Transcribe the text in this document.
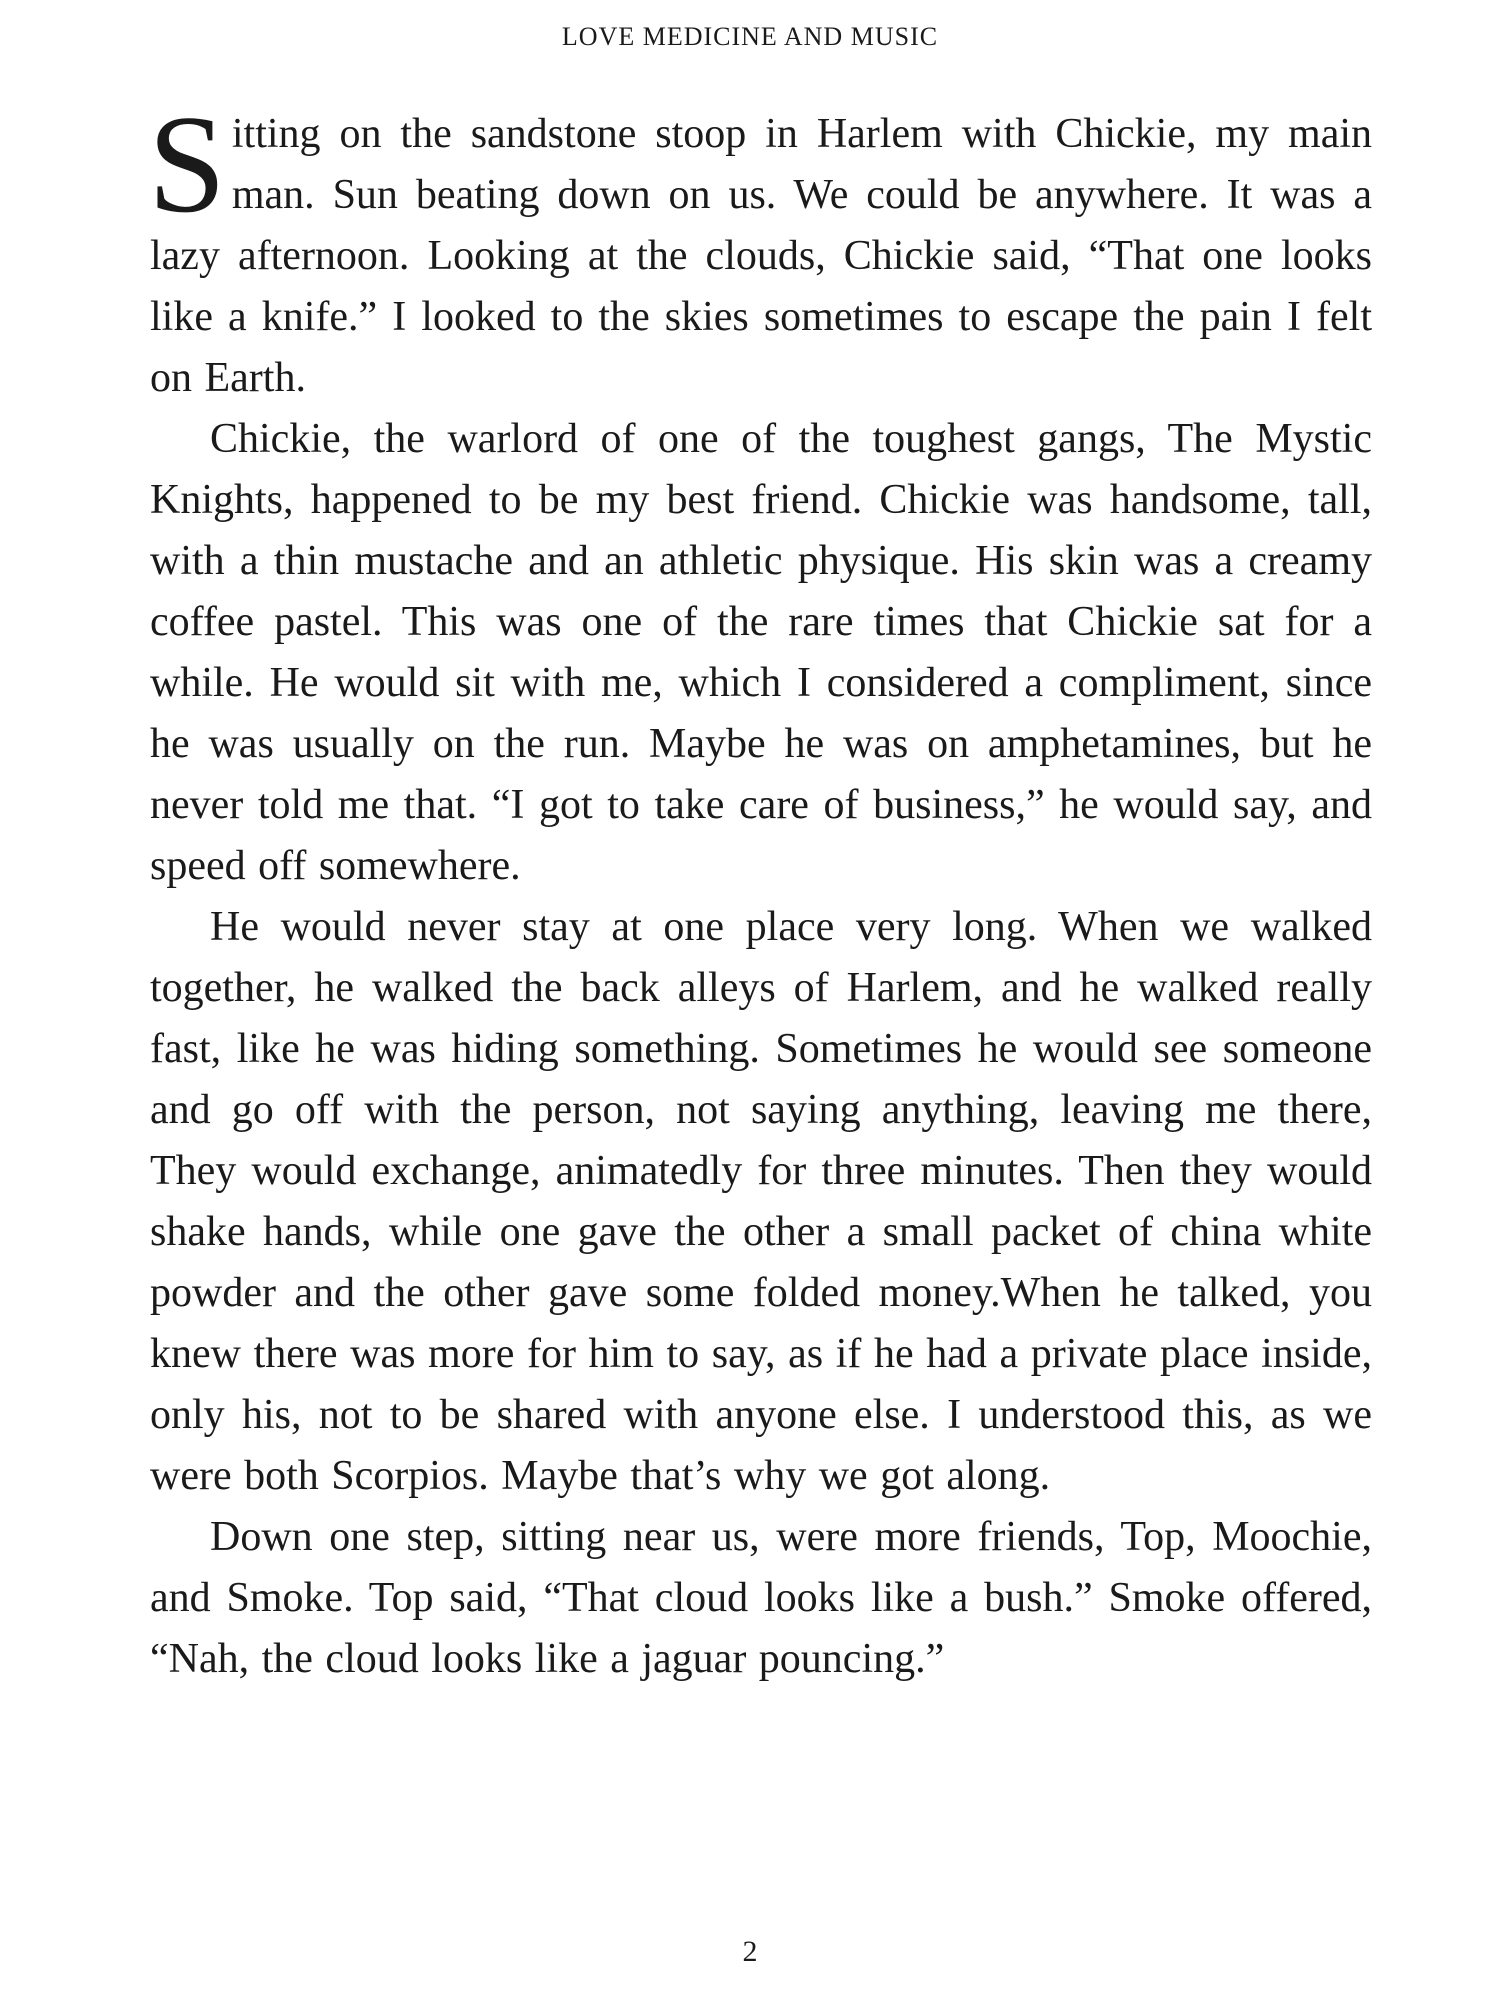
LOVE MEDICINE AND MUSIC

Sitting on the sandstone stoop in Harlem with Chickie, my main man. Sun beating down on us. We could be anywhere. It was a lazy afternoon. Looking at the clouds, Chickie said, “That one looks like a knife.” I looked to the skies sometimes to escape the pain I felt on Earth.

Chickie, the warlord of one of the toughest gangs, The Mystic Knights, happened to be my best friend. Chickie was handsome, tall, with a thin mustache and an athletic physique. His skin was a creamy coffee pastel. This was one of the rare times that Chickie sat for a while. He would sit with me, which I considered a compliment, since he was usually on the run. Maybe he was on amphetamines, but he never told me that. “I got to take care of business,” he would say, and speed off somewhere.

He would never stay at one place very long. When we walked together, he walked the back alleys of Harlem, and he walked really fast, like he was hiding something. Sometimes he would see someone and go off with the person, not saying anything, leaving me there, They would exchange, animatedly for three minutes. Then they would shake hands, while one gave the other a small packet of china white powder and the other gave some folded money.When he talked, you knew there was more for him to say, as if he had a private place inside, only his, not to be shared with anyone else. I understood this, as we were both Scorpios. Maybe that’s why we got along.

Down one step, sitting near us, were more friends, Top, Moochie, and Smoke. Top said, “That cloud looks like a bush.” Smoke offered, “Nah, the cloud looks like a jaguar pouncing.”

2
